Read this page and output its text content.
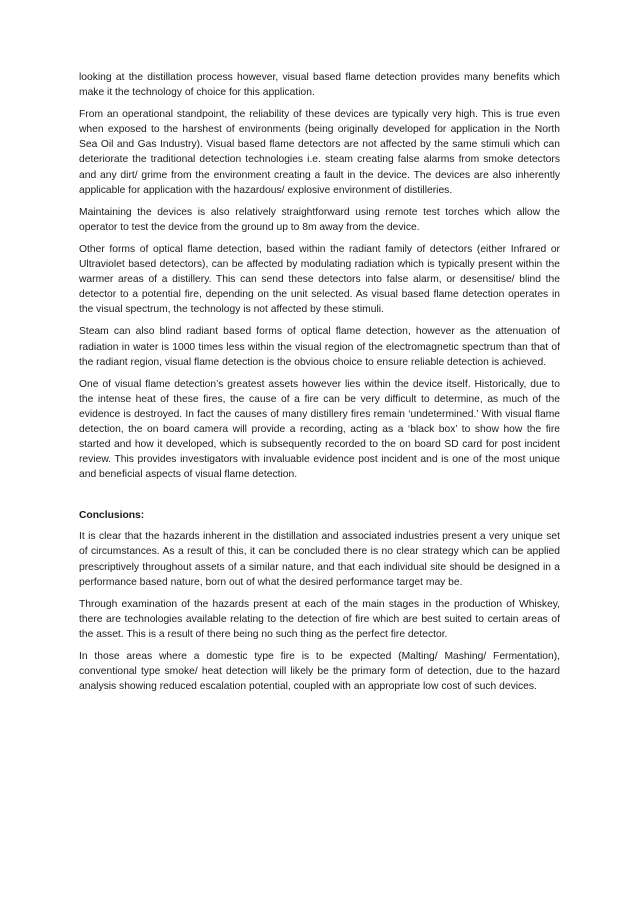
looking at the distillation process however, visual based flame detection provides many benefits which make it the technology of choice for this application.

From an operational standpoint, the reliability of these devices are typically very high. This is true even when exposed to the harshest of environments (being originally developed for application in the North Sea Oil and Gas Industry). Visual based flame detectors are not affected by the same stimuli which can deteriorate the traditional detection technologies i.e. steam creating false alarms from smoke detectors and any dirt/ grime from the environment creating a fault in the device. The devices are also inherently applicable for application with the hazardous/ explosive environment of distilleries.

Maintaining the devices is also relatively straightforward using remote test torches which allow the operator to test the device from the ground up to 8m away from the device.

Other forms of optical flame detection, based within the radiant family of detectors (either Infrared or Ultraviolet based detectors), can be affected by modulating radiation which is typically present within the warmer areas of a distillery. This can send these detectors into false alarm, or desensitise/ blind the detector to a potential fire, depending on the unit selected. As visual based flame detection operates in the visual spectrum, the technology is not affected by these stimuli.

Steam can also blind radiant based forms of optical flame detection, however as the attenuation of radiation in water is 1000 times less within the visual region of the electromagnetic spectrum than that of the radiant region, visual flame detection is the obvious choice to ensure reliable detection is achieved.

One of visual flame detection’s greatest assets however lies within the device itself. Historically, due to the intense heat of these fires, the cause of a fire can be very difficult to determine, as much of the evidence is destroyed. In fact the causes of many distillery fires remain ‘undetermined.’ With visual flame detection, the on board camera will provide a recording, acting as a ‘black box’ to show how the fire started and how it developed, which is subsequently recorded to the on board SD card for post incident review. This provides investigators with invaluable evidence post incident and is one of the most unique and beneficial aspects of visual flame detection.

Conclusions:

It is clear that the hazards inherent in the distillation and associated industries present a very unique set of circumstances. As a result of this, it can be concluded there is no clear strategy which can be applied prescriptively throughout assets of a similar nature, and that each individual site should be designed in a performance based nature, born out of what the desired performance target may be.

Through examination of the hazards present at each of the main stages in the production of Whiskey, there are technologies available relating to the detection of fire which are best suited to certain areas of the asset. This is a result of there being no such thing as the perfect fire detector.

In those areas where a domestic type fire is to be expected (Malting/ Mashing/ Fermentation), conventional type smoke/ heat detection will likely be the primary form of detection, due to the hazard analysis showing reduced escalation potential, coupled with an appropriate low cost of such devices.
